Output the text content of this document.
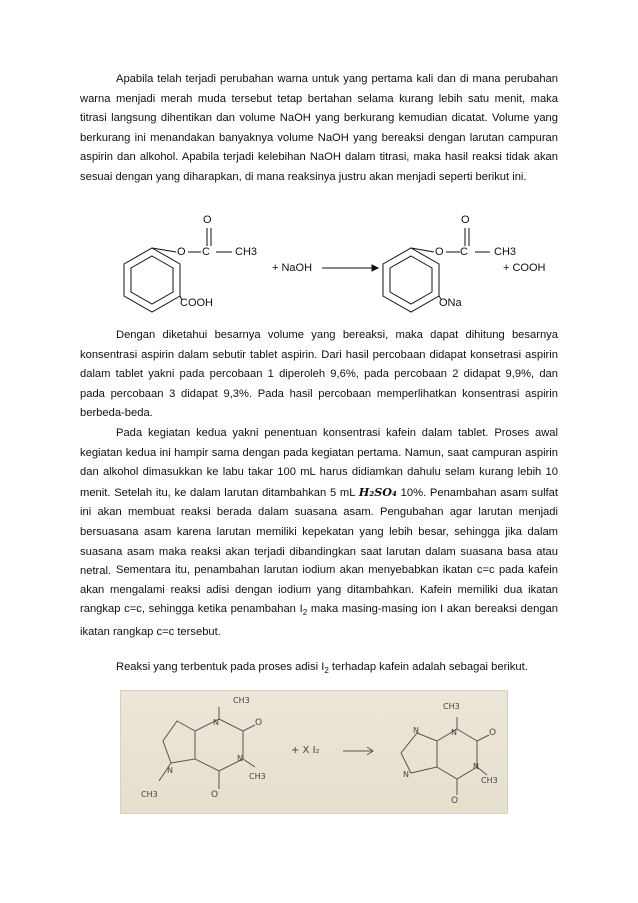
Apabila telah terjadi perubahan warna untuk yang pertama kali dan di mana perubahan warna menjadi merah muda tersebut tetap bertahan selama kurang lebih satu menit, maka titrasi langsung dihentikan dan volume NaOH yang berkurang kemudian dicatat. Volume yang berkurang ini menandakan banyaknya volume NaOH yang bereaksi dengan larutan campuran aspirin dan alkohol. Apabila terjadi kelebihan NaOH dalam titrasi, maka hasil reaksi tidak akan sesuai dengan yang diharapkan, di mana reaksinya justru akan menjadi seperti berikut ini.

O
O C CH3
COOH
+ NaOH
O
O C CH3
+ COOH
ONa

Dengan diketahui besarnya volume yang bereaksi, maka dapat dihitung besarnya konsentrasi aspirin dalam sebutir tablet aspirin. Dari hasil percobaan didapat konsetrasi aspirin dalam tablet yakni pada percobaan 1 diperoleh 9,6%, pada percobaan 2 didapat 9,9%, dan pada percobaan 3 didapat 9,3%. Pada hasil percobaan memperlihatkan konsentrasi aspirin berbeda-beda.

Pada kegiatan kedua yakni penentuan konsentrasi kafein dalam tablet. Proses awal kegiatan kedua ini hampir sama dengan pada kegiatan pertama. Namun, saat campuran aspirin dan alkohol dimasukkan ke labu takar 100 mL harus didiamkan dahulu selam kurang lebih 10 menit. Setelah itu, ke dalam larutan ditambahkan 5 mL H₂SO₄ 10%. Penambahan asam sulfat ini akan membuat reaksi berada dalam suasana asam. Pengubahan agar larutan menjadi bersuasana asam karena larutan memiliki kepekatan yang lebih besar, sehingga jika dalam suasana asam maka reaksi akan terjadi dibandingkan saat larutan dalam suasana basa atau netral. Sementara itu, penambahan larutan iodium akan menyebabkan ikatan c=c pada kafein akan mengalami reaksi adisi dengan iodium yang ditambahkan. Kafein memiliki dua ikatan rangkap c=c, sehingga ketika penambahan $I_2$ maka masing-masing ion I akan bereaksi dengan ikatan rangkap c=c tersebut.

Reaksi yang terbentuk pada proses adisi $I_2$ terhadap kafein adalah sebagai berikut.

CH3
O
O
CH3
CH3
N
N
N
+ X I₂
CH3
O
O
CH3
N
N
N
N
